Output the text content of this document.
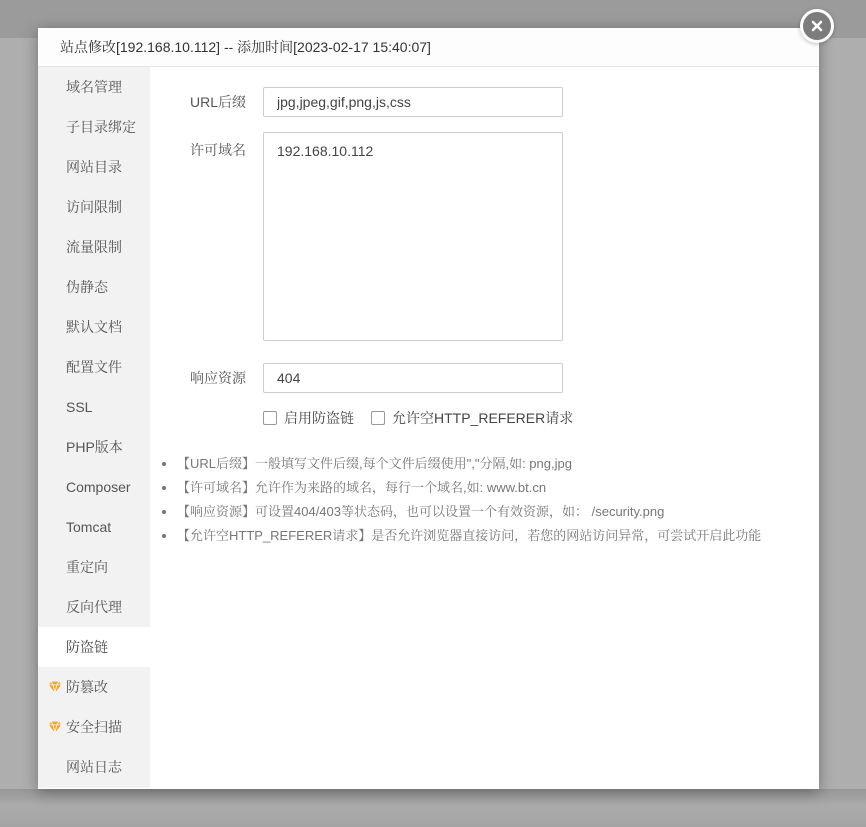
站点修改[192.168.10.112] -- 添加时间[2023-02-17 15:40:07]
域名管理
子目录绑定
网站目录
访问限制
流量限制
伪静态
默认文档
配置文件
SSL
PHP版本
Composer
Tomcat
重定向
反向代理
防盗链
防篡改
安全扫描
网站日志
URL后缀
jpg,jpeg,gif,png,js,css
许可域名
192.168.10.112
响应资源
404
启用防盗链	允许空HTTP_REFERER请求
• 【URL后缀】一般填写文件后缀,每个文件后缀使用","分隔,如: png,jpg
• 【许可域名】允许作为来路的域名，每行一个域名,如: www.bt.cn
• 【响应资源】可设置404/403等状态码，也可以设置一个有效资源，如： /security.png
• 【允许空HTTP_REFERER请求】是否允许浏览器直接访问，若您的网站访问异常，可尝试开启此功能
